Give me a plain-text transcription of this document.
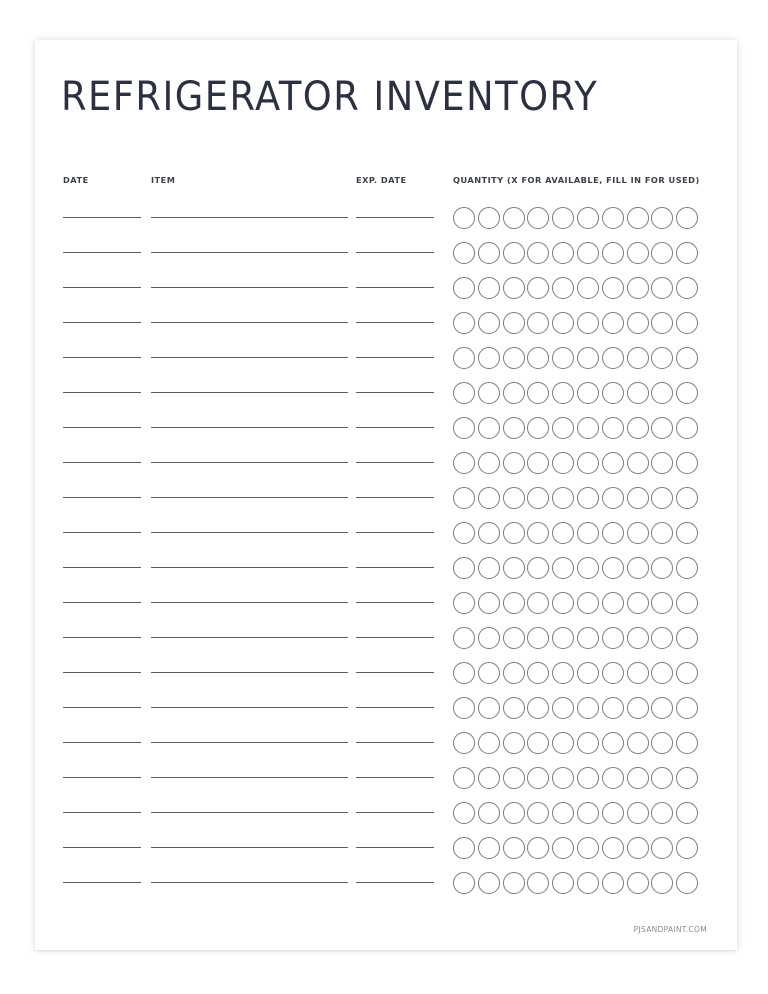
REFRIGERATOR INVENTORY
DATE	ITEM	EXP. DATE	QUANTITY (X FOR AVAILABLE, FILL IN FOR USED)
PJSANDPAINT.COM
